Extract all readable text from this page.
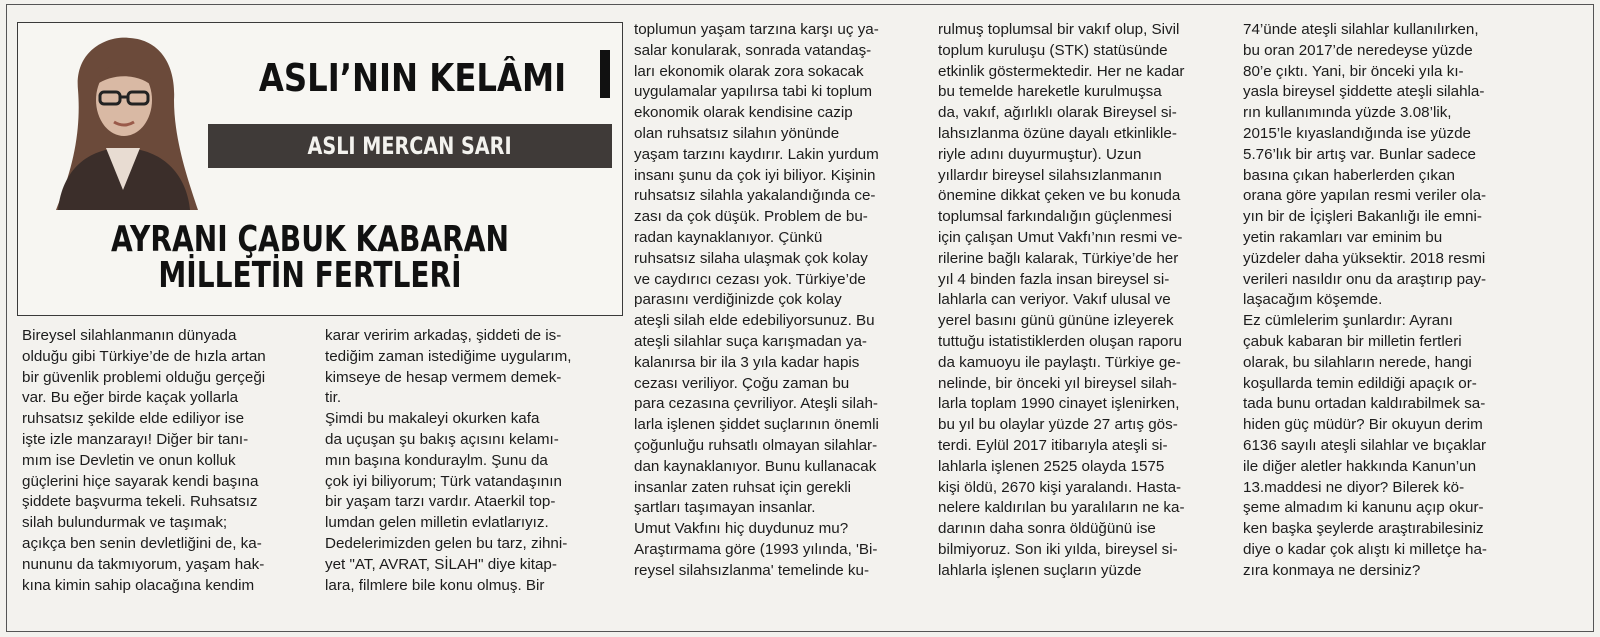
ASLI’NIN KELÂMI
ASLI MERCAN SARI
AYRANI ÇABUK KABARAN
MİLLETİN FERTLERİ
Bireysel silahlanmanın dünyada
olduğu gibi Türkiye’de de hızla artan
bir güvenlik problemi olduğu gerçeği
var. Bu eğer birde kaçak yollarla
ruhsatsız şekilde elde ediliyor ise
işte izle manzarayı! Diğer bir tanı-
mım ise Devletin ve onun kolluk
güçlerini hiçe sayarak kendi başına
şiddete başvurma tekeli. Ruhsatsız
silah bulundurmak ve taşımak;
açıkça ben senin devletliğini de, ka-
nununu da takmıyorum, yaşam hak-
kına kimin sahip olacağına kendim
karar veririm arkadaş, şiddeti de is-
tediğim zaman istediğime uygularım,
kimseye de hesap vermem demek-
tir.
Şimdi bu makaleyi okurken kafa
da uçuşan şu bakış açısını kelamı-
mın başına konduraylm. Şunu da
çok iyi biliyorum; Türk vatandaşının
bir yaşam tarzı vardır. Ataerkil top-
lumdan gelen milletin evlatlarıyız.
Dedelerimizden gelen bu tarz, zihni-
yet "AT, AVRAT, SİLAH" diye kitap-
lara, filmlere bile konu olmuş. Bir
toplumun yaşam tarzına karşı uç ya-
salar konularak, sonrada vatandaş-
ları ekonomik olarak zora sokacak
uygulamalar yapılırsa tabi ki toplum
ekonomik olarak kendisine cazip
olan ruhsatsız silahın yönünde
yaşam tarzını kaydırır. Lakin yurdum
insanı şunu da çok iyi biliyor. Kişinin
ruhsatsız silahla yakalandığında ce-
zası da çok düşük. Problem de bu-
radan kaynaklanıyor. Çünkü
ruhsatsız silaha ulaşmak çok kolay
ve caydırıcı cezası yok. Türkiye’de
parasını verdiğinizde çok kolay
ateşli silah elde edebiliyorsunuz. Bu
ateşli silahlar suça karışmadan ya-
kalanırsa bir ila 3 yıla kadar hapis
cezası veriliyor. Çoğu zaman bu
para cezasına çevriliyor. Ateşli silah-
larla işlenen şiddet suçlarının önemli
çoğunluğu ruhsatlı olmayan silahlar-
dan kaynaklanıyor. Bunu kullanacak
insanlar zaten ruhsat için gerekli
şartları taşımayan insanlar.
Umut Vakfını hiç duydunuz mu?
Araştırmama göre (1993 yılında, 'Bi-
reysel silahsızlanma' temelinde ku-
rulmuş toplumsal bir vakıf olup, Sivil
toplum kuruluşu (STK) statüsünde
etkinlik göstermektedir. Her ne kadar
bu temelde hareketle kurulmuşsa
da, vakıf, ağırlıklı olarak Bireysel si-
lahsızlanma özüne dayalı etkinlikle-
riyle adını duyurmuştur). Uzun
yıllardır bireysel silahsızlanmanın
önemine dikkat çeken ve bu konuda
toplumsal farkındalığın güçlenmesi
için çalışan Umut Vakfı’nın resmi ve-
rilerine bağlı kalarak, Türkiye’de her
yıl 4 binden fazla insan bireysel si-
lahlarla can veriyor. Vakıf ulusal ve
yerel basını günü gününe izleyerek
tuttuğu istatistiklerden oluşan raporu
da kamuoyu ile paylaştı. Türkiye ge-
nelinde, bir önceki yıl bireysel silah-
larla toplam 1990 cinayet işlenirken,
bu yıl bu olaylar yüzde 27 artış gös-
terdi. Eylül 2017 itibarıyla ateşli si-
lahlarla işlenen 2525 olayda 1575
kişi öldü, 2670 kişi yaralandı. Hasta-
nelere kaldırılan bu yaralıların ne ka-
darının daha sonra öldüğünü ise
bilmiyoruz. Son iki yılda, bireysel si-
lahlarla işlenen suçların yüzde
74’ünde ateşli silahlar kullanılırken,
bu oran 2017’de neredeyse yüzde
80’e çıktı. Yani, bir önceki yıla kı-
yasla bireysel şiddette ateşli silahla-
rın kullanımında yüzde 3.08’lik,
2015’le kıyaslandığında ise yüzde
5.76’lık bir artış var. Bunlar sadece
basına çıkan haberlerden çıkan
orana göre yapılan resmi veriler ola-
yın bir de İçişleri Bakanlığı ile emni-
yetin rakamları var eminim bu
yüzdeler daha yüksektir. 2018 resmi
verileri nasıldır onu da araştırıp pay-
laşacağım köşemde.
Ez cümlelerim şunlardır: Ayranı
çabuk kabaran bir milletin fertleri
olarak, bu silahların nerede, hangi
koşullarda temin edildiği apaçık or-
tada bunu ortadan kaldırabilmek sa-
hiden güç müdür? Bir okuyun derim
6136 sayılı ateşli silahlar ve bıçaklar
ile diğer aletler hakkında Kanun’un
13.maddesi ne diyor? Bilerek kö-
şeme almadım ki kanunu açıp okur-
ken başka şeylerde araştırabilesiniz
diye o kadar çok alıştı ki milletçe ha-
zıra konmaya ne dersiniz?
